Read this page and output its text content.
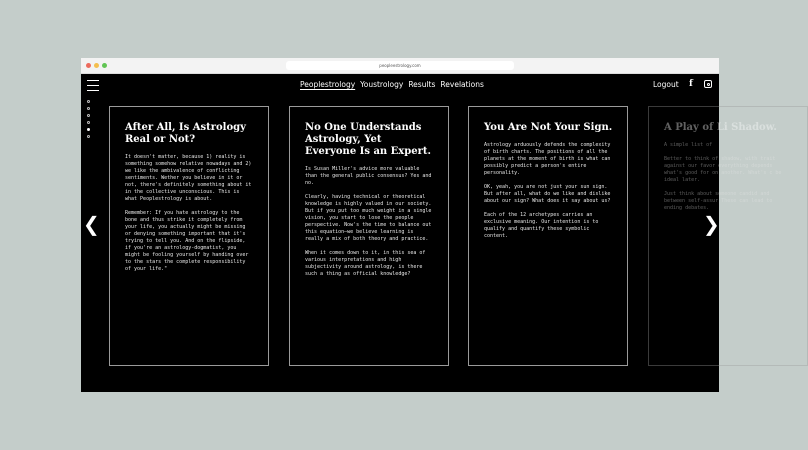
peopleestrology.com
Peoplestrology Youstrology Results Revelations	Logout f
❮
After All, Is Astrology Real or Not?

It doesn't matter, because 1) reality is something somehow relative nowadays and 2) we like the ambivalence of conflicting sentiments. Wether you believe in it or not, there's definitely something about it in the collective unconscious. This is what Peoplestrology is about.

Remember: If you hate astrology to the bone and thus strike it completely from your life, you actually might be missing or denying something important that it's trying to tell you. And on the flipside, if you're an astrology-dogmatist, you might be fooling yourself by handing over to the stars the complete responsibility of your life."

No One Understands Astrology, Yet Everyone Is an Expert.

Is Susan Miller's advice more valuable than the general public consensus? Yes and no.

Clearly, having technical or theoretical knowledge is highly valued in our society. But if you put too much weight in a single vision, you start to lose the people perspective. Now's the time to balance out this equation—we believe learning is really a mix of both theory and practice.

When it comes down to it, in this sea of various interpretations and high subjectivity around astrology, is there such a thing as official knowledge?

You Are Not Your Sign.

Astrology arduously defends the complexity of birth charts. The positions of all the planets at the moment of birth is what can possibly predict a person's entire personality.

OK, yeah, you are not just your sun sign. But after all, what do we like and dislike about our sign? What does it say about us?

Each of the 12 archetypes carries an exclusive meaning. Our intention is to qualify and quantify these symbolic content.

A Play of Li Shadow.

A simple list of

Better to think of shadow, with trait against our favor everything depends what's good for on another. What's c be ideal later.

Just think about someone candid and between self-assur These can lead to ending debates.

❯
